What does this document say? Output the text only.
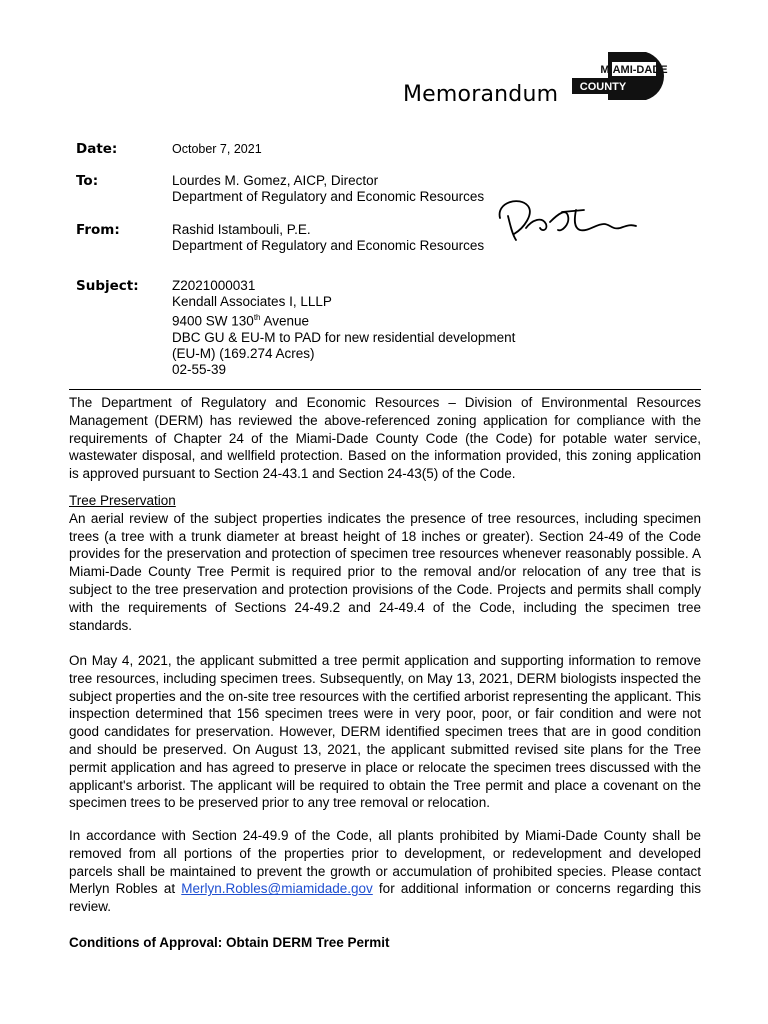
Memorandum
MIAMI-DADE
COUNTY
Date:	October 7, 2021
To:	Lourdes M. Gomez, AICP, Director
Department of Regulatory and Economic Resources
From:	Rashid Istambouli, P.E.
Department of Regulatory and Economic Resources
Subject: Z2021000031
Kendall Associates I, LLLP
9400 SW 130th Avenue
DBC GU & EU-M to PAD for new residential development
(EU-M) (169.274 Acres)
02-55-39

The Department of Regulatory and Economic Resources – Division of Environmental Resources Management (DERM) has reviewed the above-referenced zoning application for compliance with the requirements of Chapter 24 of the Miami-Dade County Code (the Code) for potable water service, wastewater disposal, and wellfield protection. Based on the information provided, this zoning application is approved pursuant to Section 24-43.1 and Section 24-43(5) of the Code.

Tree Preservation

An aerial review of the subject properties indicates the presence of tree resources, including specimen trees (a tree with a trunk diameter at breast height of 18 inches or greater). Section 24-49 of the Code provides for the preservation and protection of specimen tree resources whenever reasonably possible. A Miami-Dade County Tree Permit is required prior to the removal and/or relocation of any tree that is subject to the tree preservation and protection provisions of the Code. Projects and permits shall comply with the requirements of Sections 24-49.2 and 24-49.4 of the Code, including the specimen tree standards.

On May 4, 2021, the applicant submitted a tree permit application and supporting information to remove tree resources, including specimen trees. Subsequently, on May 13, 2021, DERM biologists inspected the subject properties and the on-site tree resources with the certified arborist representing the applicant. This inspection determined that 156 specimen trees were in very poor, poor, or fair condition and were not good candidates for preservation. However, DERM identified specimen trees that are in good condition and should be preserved. On August 13, 2021, the applicant submitted revised site plans for the Tree permit application and has agreed to preserve in place or relocate the specimen trees discussed with the applicant's arborist. The applicant will be required to obtain the Tree permit and place a covenant on the specimen trees to be preserved prior to any tree removal or relocation.

In accordance with Section 24-49.9 of the Code, all plants prohibited by Miami-Dade County shall be removed from all portions of the properties prior to development, or redevelopment and developed parcels shall be maintained to prevent the growth or accumulation of prohibited species. Please contact Merlyn Robles at Merlyn.Robles@miamidade.gov for additional information or concerns regarding this review.

Conditions of Approval: Obtain DERM Tree Permit
